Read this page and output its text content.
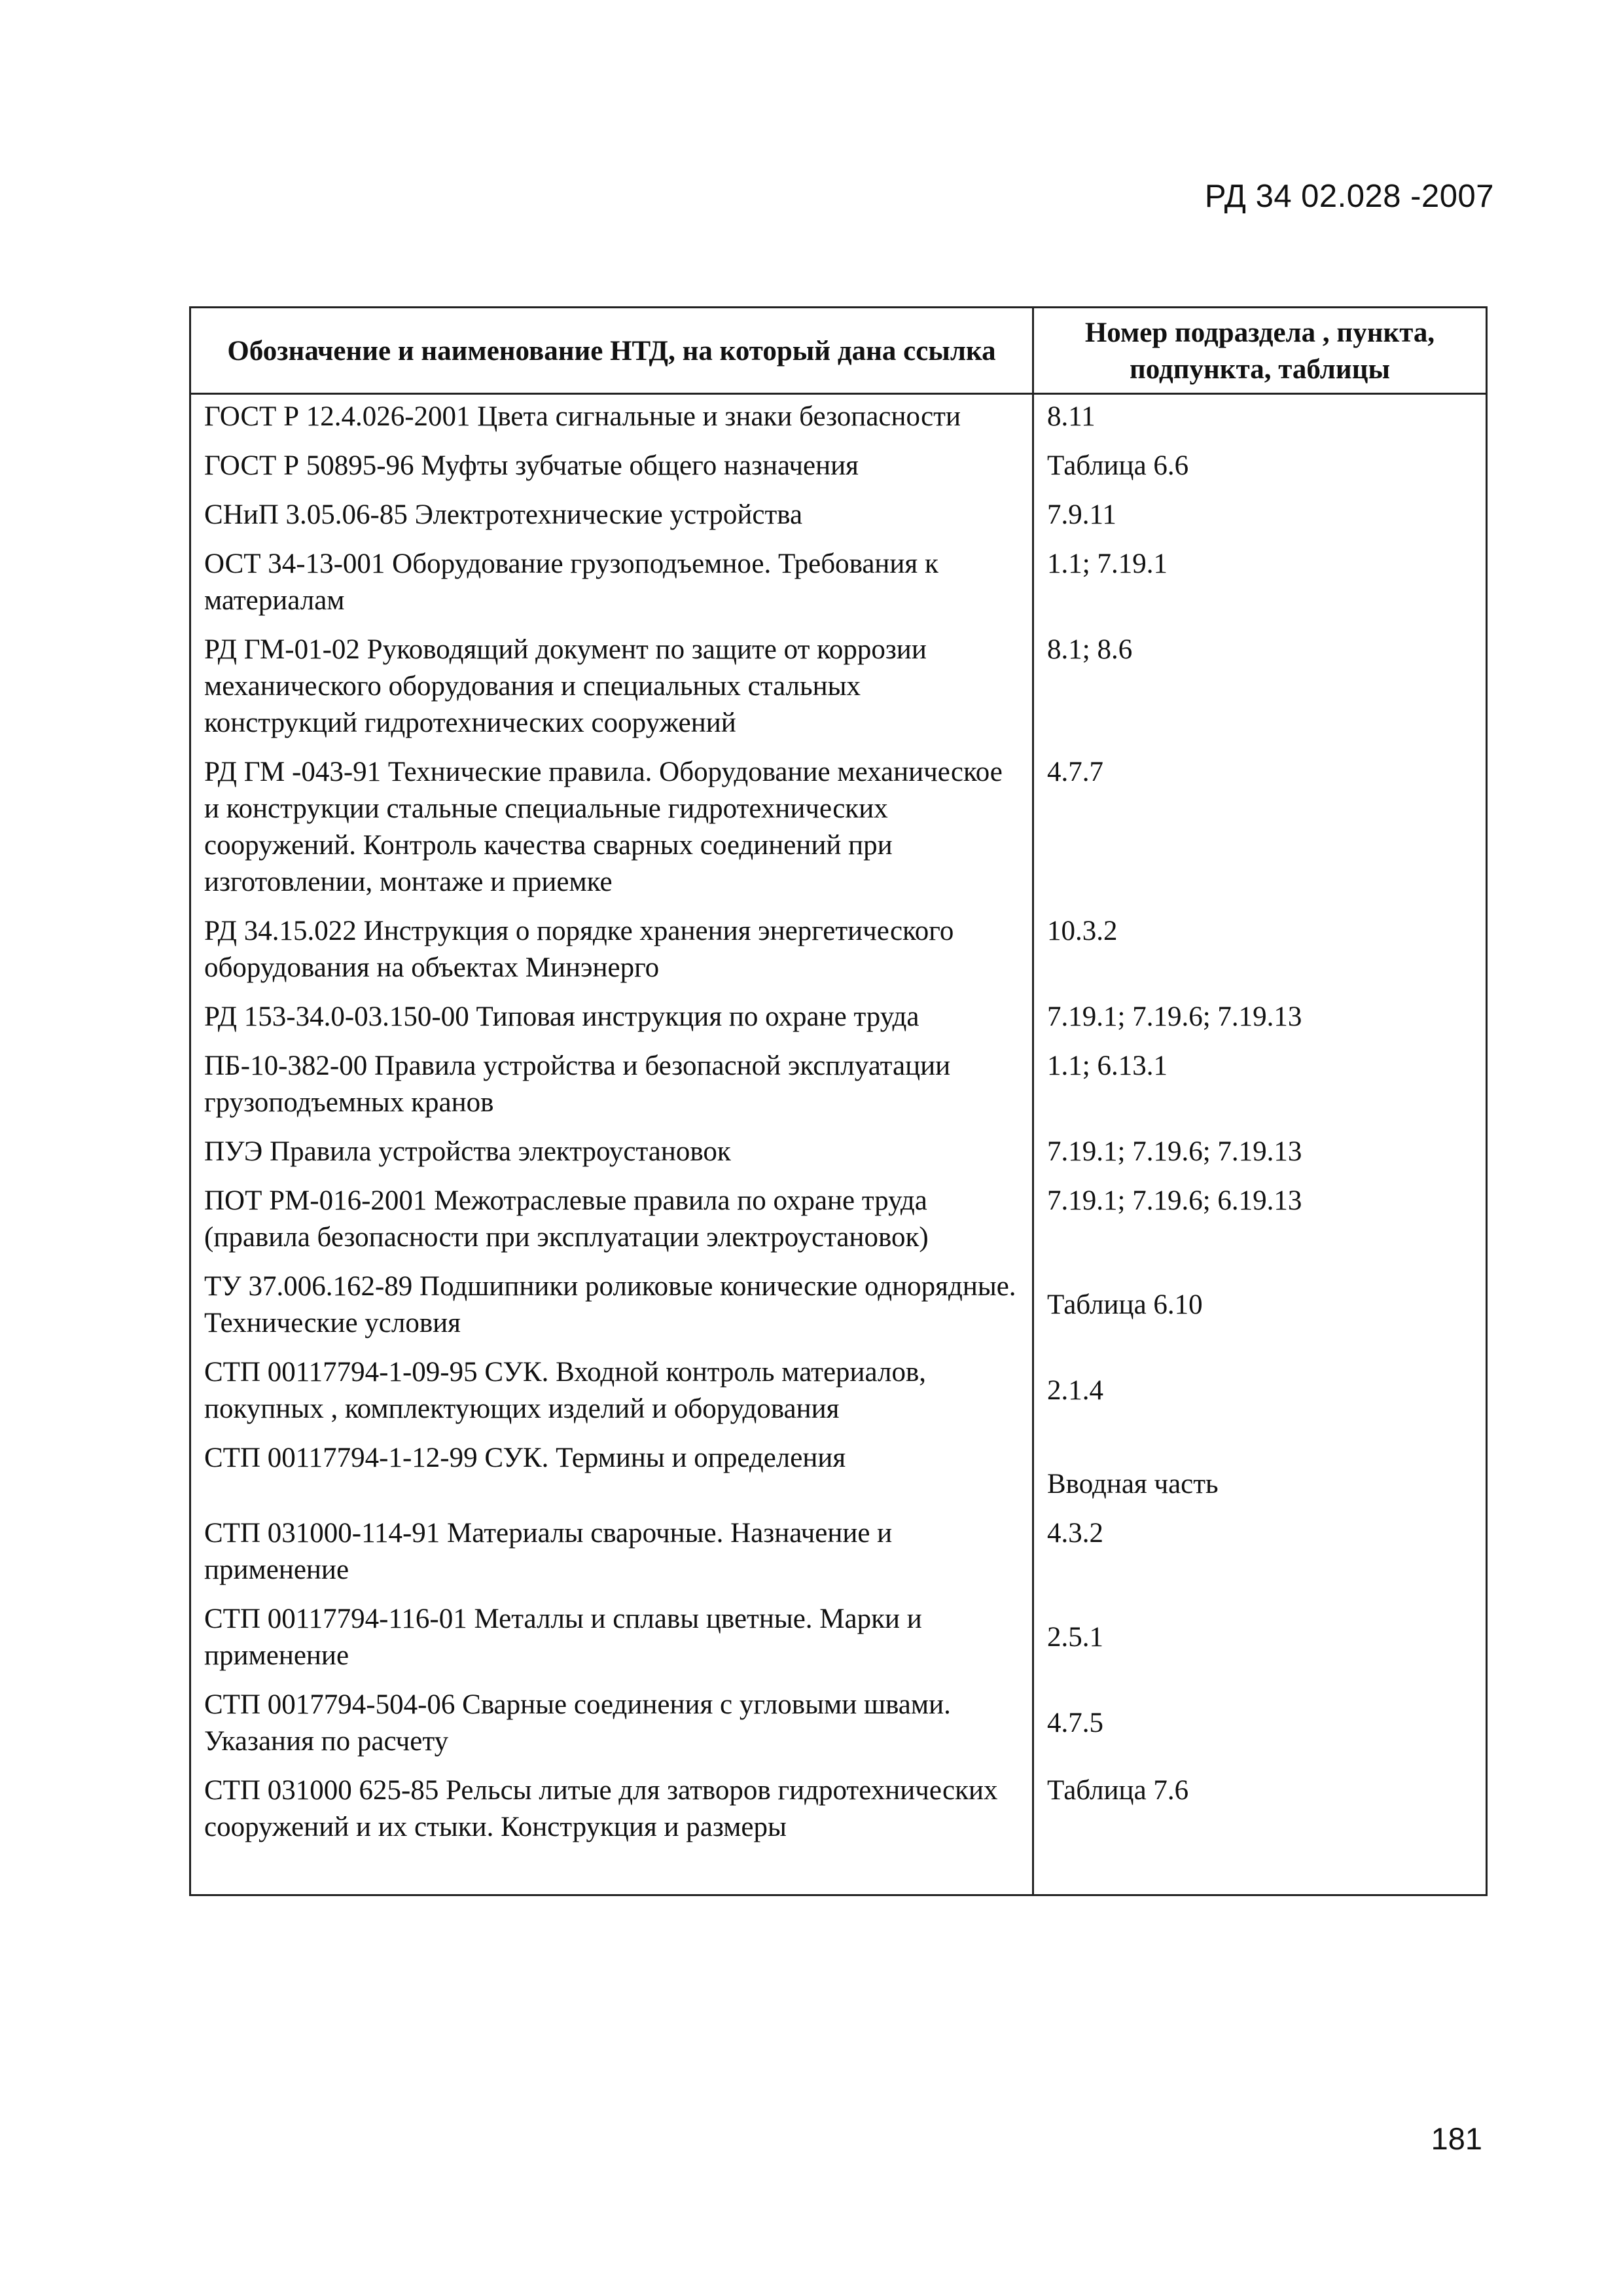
РД 34 02.028 -2007
Обозначение и наименование НТД, на который дана ссылка	Номер подраздела , пункта, подпункта, таблицы
ГОСТ Р 12.4.026-2001 Цвета сигнальные и знаки безопасности	8.11
ГОСТ Р 50895-96 Муфты зубчатые общего назначения	Таблица 6.6
СНиП 3.05.06-85 Электротехнические устройства	7.9.11
ОСТ 34-13-001 Оборудование грузоподъемное. Требования к материалам	1.1; 7.19.1
РД ГМ-01-02 Руководящий документ по защите от коррозии механического оборудования и специальных стальных конструкций гидротехнических сооружений	8.1; 8.6
РД ГМ -043-91 Технические правила. Оборудование механическое и конструкции стальные специальные гидротехнических сооружений. Контроль качества сварных соединений при изготовлении, монтаже и приемке	4.7.7
РД 34.15.022 Инструкция о порядке хранения энергетического оборудования на объектах Минэнерго	10.3.2
РД 153-34.0-03.150-00 Типовая инструкция по охране труда	7.19.1; 7.19.6; 7.19.13
ПБ-10-382-00 Правила устройства и безопасной эксплуатации грузоподъемных кранов	1.1; 6.13.1
ПУЭ Правила устройства электроустановок	7.19.1; 7.19.6; 7.19.13
ПОТ РМ-016-2001 Межотраслевые правила по охране труда (правила безопасности при эксплуатации электроустановок)	7.19.1; 7.19.6; 6.19.13
ТУ 37.006.162-89 Подшипники роликовые конические однорядные. Технические условия	Таблица 6.10
СТП 00117794-1-09-95 СУК. Входной контроль материалов, покупных , комплектующих изделий и оборудования	2.1.4
СТП 00117794-1-12-99 СУК. Термины и определения	Вводная часть
СТП 031000-114-91 Материалы сварочные. Назначение и применение	4.3.2
СТП 00117794-116-01 Металлы и сплавы цветные. Марки и применение	2.5.1
СТП 0017794-504-06 Сварные соединения с угловыми швами. Указания по расчету	4.7.5
СТП 031000 625-85 Рельсы литые для затворов гидротехнических сооружений и их стыки. Конструкция и размеры	Таблица 7.6
181
